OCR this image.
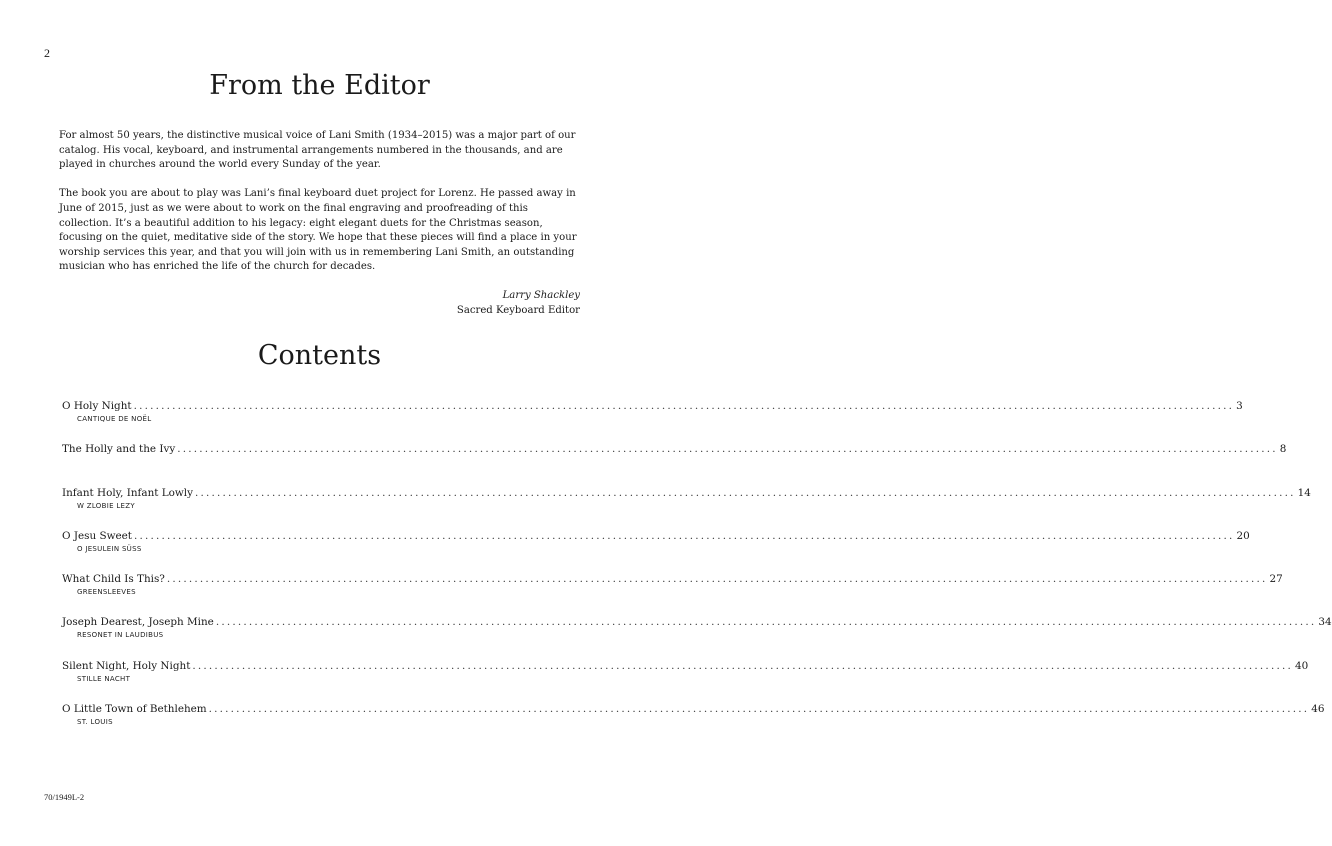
2
From the Editor

For almost 50 years, the distinctive musical voice of Lani Smith (1934–2015) was a major part of our catalog. His vocal, keyboard, and instrumental arrangements numbered in the thousands, and are played in churches around the world every Sunday of the year.

The book you are about to play was Lani’s final keyboard duet project for Lorenz. He passed away in June of 2015, just as we were about to work on the final engraving and proofreading of this collection. It’s a beautiful addition to his legacy: eight elegant duets for the Christmas season, focusing on the quiet, meditative side of the story. We hope that these pieces will find a place in your worship services this year, and that you will join with us in remembering Lani Smith, an outstanding musician who has enriched the life of the church for decades.

Larry Shackley
Sacred Keyboard Editor
Contents
O Holy Night ........................................................................................................................................................................................................ 3
CANTIQUE DE NOËL
The Holly and the Ivy ........................................................................................................................................................................................................ 8
Infant Holy, Infant Lowly ........................................................................................................................................................................................................ 14
W ZLOBIE LEZY
O Jesu Sweet ........................................................................................................................................................................................................ 20
O JESULEIN SÜSS
What Child Is This? ........................................................................................................................................................................................................ 27
GREENSLEEVES
Joseph Dearest, Joseph Mine ........................................................................................................................................................................................................ 34
RESONET IN LAUDIBUS
Silent Night, Holy Night ........................................................................................................................................................................................................ 40
STILLE NACHT
O Little Town of Bethlehem ........................................................................................................................................................................................................ 46
ST. LOUIS
70/1949L-2
